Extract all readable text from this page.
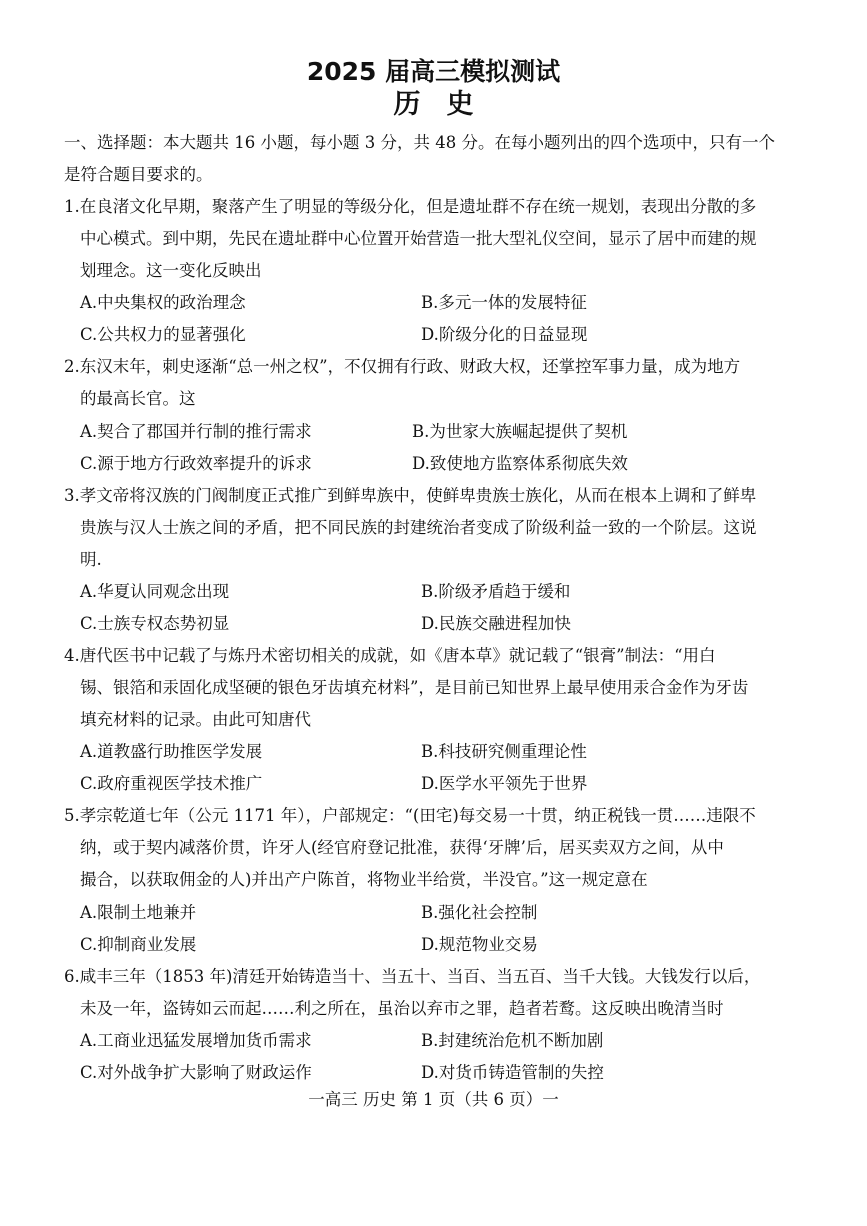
2025 届高三模拟测试
历史
一、选择题：本大题共 16 小题，每小题 3 分，共 48 分。在每小题列出的四个选项中，只有一个
是符合题目要求的。
1.在良渚文化早期，聚落产生了明显的等级分化，但是遗址群不存在统一规划，表现出分散的多
中心模式。到中期，先民在遗址群中心位置开始营造一批大型礼仪空间，显示了居中而建的规
划理念。这一变化反映出
A.中央集权的政治理念	B.多元一体的发展特征
C.公共权力的显著强化	D.阶级分化的日益显现
2.东汉末年，刺史逐渐“总一州之权”，不仅拥有行政、财政大权，还掌控军事力量，成为地方
的最高长官。这
A.契合了郡国并行制的推行需求	B.为世家大族崛起提供了契机
C.源于地方行政效率提升的诉求	D.致使地方监察体系彻底失效
3.孝文帝将汉族的门阀制度正式推广到鲜卑族中，使鲜卑贵族士族化，从而在根本上调和了鲜卑
贵族与汉人士族之间的矛盾，把不同民族的封建统治者变成了阶级利益一致的一个阶层。这说
明.
A.华夏认同观念出现	B.阶级矛盾趋于缓和
C.士族专权态势初显	D.民族交融进程加快
4.唐代医书中记载了与炼丹术密切相关的成就，如《唐本草》就记载了“银膏”制法：“用白
锡、银箔和汞固化成坚硬的银色牙齿填充材料”，是目前已知世界上最早使用汞合金作为牙齿
填充材料的记录。由此可知唐代
A.道教盛行助推医学发展	B.科技研究侧重理论性
C.政府重视医学技术推广	D.医学水平领先于世界
5.孝宗乾道七年（公元 1171 年），户部规定：“(田宅)每交易一十贯，纳正税钱一贯……违限不
纳，或于契内减落价贯，许牙人(经官府登记批准，获得‘牙牌’后，居买卖双方之间，从中
撮合，以获取佣金的人)并出产户陈首，将物业半给赏，半没官。”这一规定意在
A.限制土地兼并	B.强化社会控制
C.抑制商业发展	D.规范物业交易
6.咸丰三年（1853 年)清廷开始铸造当十、当五十、当百、当五百、当千大钱。大钱发行以后，
未及一年，盗铸如云而起……利之所在，虽治以弃市之罪，趋者若鹜。这反映出晚清当时
A.工商业迅猛发展增加货币需求	B.封建统治危机不断加剧
C.对外战争扩大影响了财政运作	D.对货币铸造管制的失控
一高三 历史 第 1 页（共 6 页）一
